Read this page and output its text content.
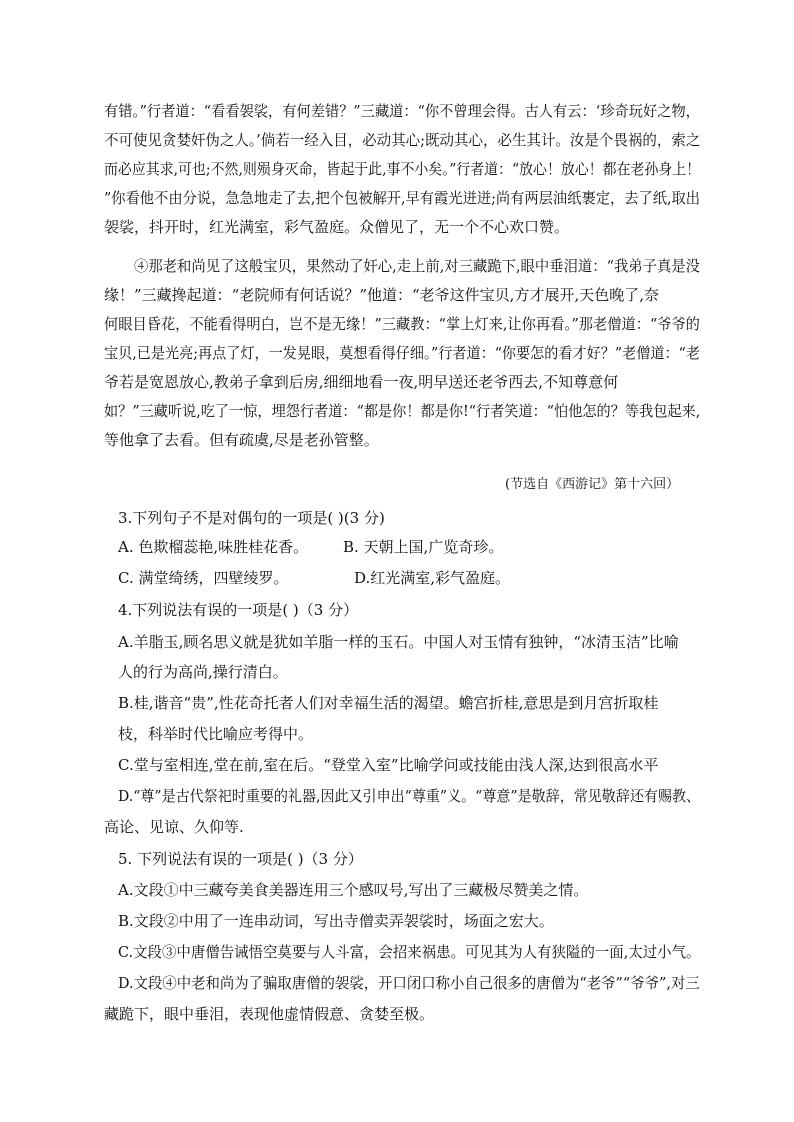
有错。”行者道：“看看袈裟，有何差错？”三藏道：“你不曾理会得。古人有云：‘珍奇玩好之物，
不可使见贪婪奸伪之人。’倘若一经入目，必动其心;既动其心，必生其计。汝是个畏祸的，索之
而必应其求,可也;不然,则殒身灭命，皆起于此,事不小矣。”行者道：“放心！放心！都在老孙身上！
”你看他不由分说，急急地走了去,把个包被解开,早有霞光迸迸;尚有两层油纸裹定，去了纸,取出
袈裟，抖开时，红光满室，彩气盈庭。众僧见了，无一个不心欢口赞。
④那老和尚见了这般宝贝，果然动了奸心,走上前,对三藏跪下,眼中垂泪道：“我弟子真是没
缘！”三藏搀起道：“老院师有何话说？”他道：“老爷这件宝贝,方才展开,天色晚了,奈
何眼目昏花，不能看得明白，岂不是无缘！”三藏教：“掌上灯来,让你再看。”那老僧道：“爷爷的
宝贝,已是光亮;再点了灯，一发晃眼，莫想看得仔细。”行者道：“你要怎的看才好？”老僧道：“老
爷若是宽恩放心,教弟子拿到后房,细细地看一夜,明早送还老爷西去,不知尊意何
如？”三藏听说,吃了一惊，埋怨行者道：“都是你！都是你!“行者笑道：“怕他怎的？等我包起来,
等他拿了去看。但有疏虞,尽是老孙管整。
(节选自《西游记》第十六回）
3.下列句子不是对偶句的一项是( )(3 分)
A. 色欺榴蕊艳,味胜桂花香。 B. 天朝上国,广览奇珍。
C. 满堂绮绣，四壁绫罗。	D.红光满室,彩气盈庭。
4.下列说法有误的一项是( )（3 分）
A.羊脂玉,顾名思义就是犹如羊脂一样的玉石。中国人对玉情有独钟，“冰清玉洁”比喻
人的行为高尚,操行清白。
B.桂,谐音“贵”,性花奇托者人们对幸福生活的渴望。蟾宫折桂,意思是到月宫折取桂
枝，科举时代比喻应考得中。
C.堂与室相连,堂在前,室在后。“登堂入室”比喻学问或技能由浅人深,达到很高水平
D.“尊”是古代祭祀时重要的礼器,因此又引申出“尊重”义。“尊意”是敬辞，常见敬辞还有赐教、
高论、见谅、久仰等.
5. 下列说法有误的一项是( )（3 分）
A.文段①中三藏夸美食美器连用三个感叹号,写出了三藏极尽赞美之情。
B.文段②中用了一连串动词，写出寺僧卖弄袈裟时，场面之宏大。
C.文段③中唐僧告诫悟空莫要与人斗富，会招来祸患。可见其为人有狭隘的一面,太过小气。
D.文段④中老和尚为了骗取唐僧的袈裟，开口闭口称小自己很多的唐僧为“老爷”“爷爷”,对三
藏跪下，眼中垂泪，表现他虚情假意、贪婪至极。
